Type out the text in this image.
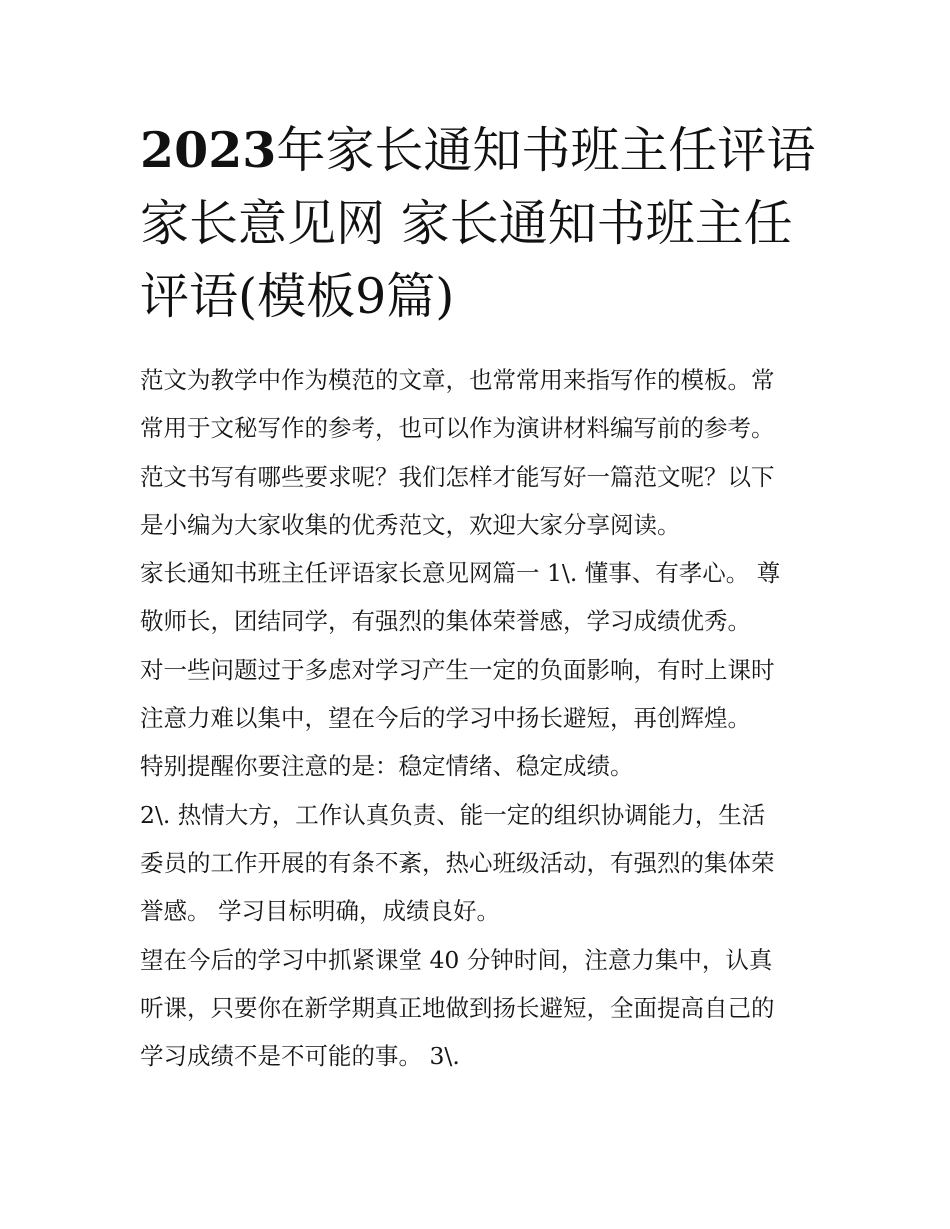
2023年家长通知书班主任评语
家长意见网 家长通知书班主任
评语(模板9篇)

范文为教学中作为模范的文章，也常常用来指写作的模板。常

常用于文秘写作的参考，也可以作为演讲材料编写前的参考。

范文书写有哪些要求呢？我们怎样才能写好一篇范文呢？以下

是小编为大家收集的优秀范文，欢迎大家分享阅读。

家长通知书班主任评语家长意见网篇一 1\. 懂事、有孝心。 尊

敬师长，团结同学，有强烈的集体荣誉感，学习成绩优秀。

对一些问题过于多虑对学习产生一定的负面影响，有时上课时

注意力难以集中，望在今后的学习中扬长避短，再创辉煌。

特别提醒你要注意的是：稳定情绪、稳定成绩。

2\. 热情大方，工作认真负责、能一定的组织协调能力，生活

委员的工作开展的有条不紊，热心班级活动，有强烈的集体荣

誉感。 学习目标明确，成绩良好。

望在今后的学习中抓紧课堂 40 分钟时间，注意力集中，认真

听课，只要你在新学期真正地做到扬长避短，全面提高自己的

学习成绩不是不可能的事。 3\.
